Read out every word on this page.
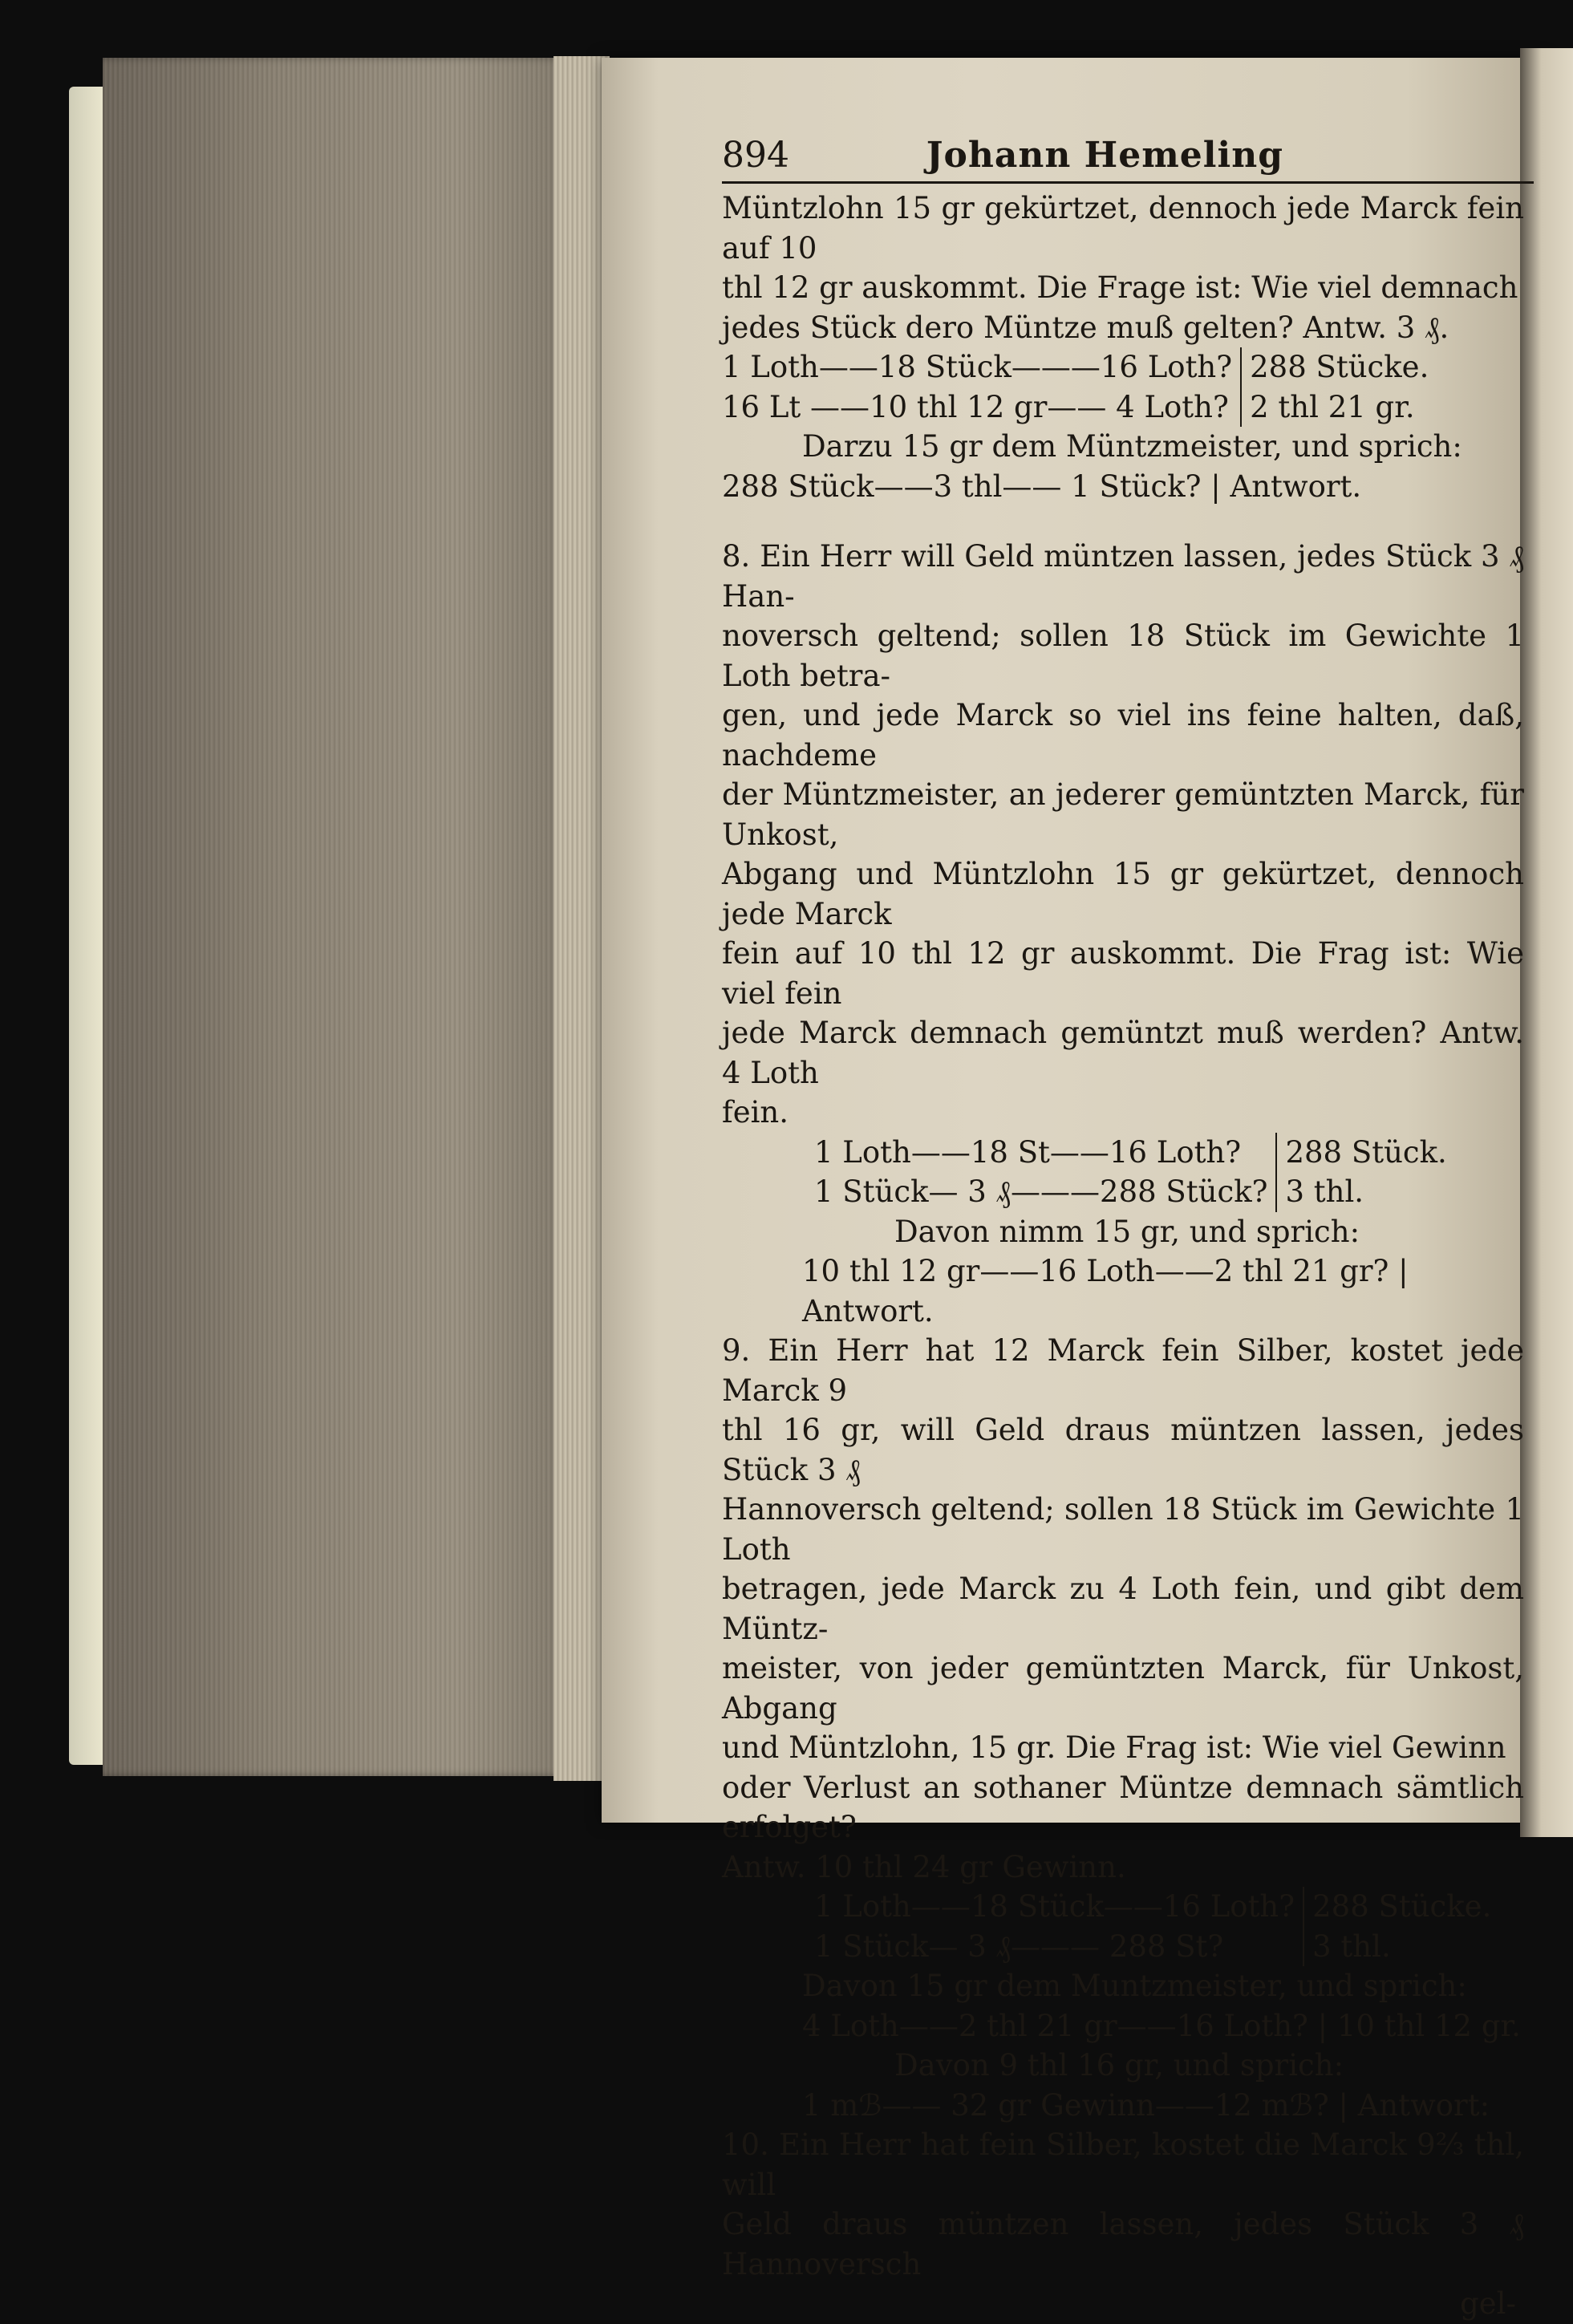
894	Johann Hemeling

Müntzlohn 15 gr gekürtzet, dennoch jede Marck fein auf 10

thl 12 gr auskommt. Die Frage ist: Wie viel demnach

jedes Stück dero Müntze muß gelten? Antw. 3 ₰.

1 Loth——18 Stück———16 Loth? 288 Stücke.
16 Lt ——10 thl 12 gr—— 4 Loth? 2 thl 21 gr.

Darzu 15 gr dem Müntzmeister, und sprich:

288 Stück——3 thl—— 1 Stück? | Antwort.

8. Ein Herr will Geld müntzen lassen, jedes Stück 3 ₰ Han-

noversch geltend; sollen 18 Stück im Gewichte 1 Loth betra-

gen, und jede Marck so viel ins feine halten, daß, nachdeme

der Müntzmeister, an jederer gemüntzten Marck, für Unkost,

Abgang und Müntzlohn 15 gr gekürtzet, dennoch jede Marck

fein auf 10 thl 12 gr auskommt. Die Frag ist: Wie viel fein

jede Marck demnach gemüntzt muß werden? Antw. 4 Loth

fein.

1 Loth——18 St——16 Loth?	288 Stück.
1 Stück— 3 ₰———288 Stück? 3 thl.

Davon nimm 15 gr, und sprich:

10 thl 12 gr——16 Loth——2 thl 21 gr? | Antwort.

9. Ein Herr hat 12 Marck fein Silber, kostet jede Marck 9

thl 16 gr, will Geld draus müntzen lassen, jedes Stück 3 ₰

Hannoversch geltend; sollen 18 Stück im Gewichte 1 Loth

betragen, jede Marck zu 4 Loth fein, und gibt dem Müntz-

meister, von jeder gemüntzten Marck, für Unkost, Abgang

und Müntzlohn, 15 gr. Die Frag ist: Wie viel Gewinn

oder Verlust an sothaner Müntze demnach sämtlich erfolget?

Antw. 10 thl 24 gr Gewinn.

1 Loth——18 Stück——16 Loth? 288 Stücke.
1 Stück— 3 ₰——— 288 St?	3 thl.

Davon 15 gr dem Muntzmeister, und sprich:

4 Loth——2 thl 21 gr——16 Loth? | 10 thl 12 gr.

Davon 9 thl 16 gr, und sprich:

1 mℬ—— 32 gr Gewinn——12 mℬ? | Antwort:

10. Ein Herr hat fein Silber, kostet die Marck 9⅔ thl, will

Geld draus müntzen lassen, jedes Stück 3 ₰ Hannoversch

gel-
